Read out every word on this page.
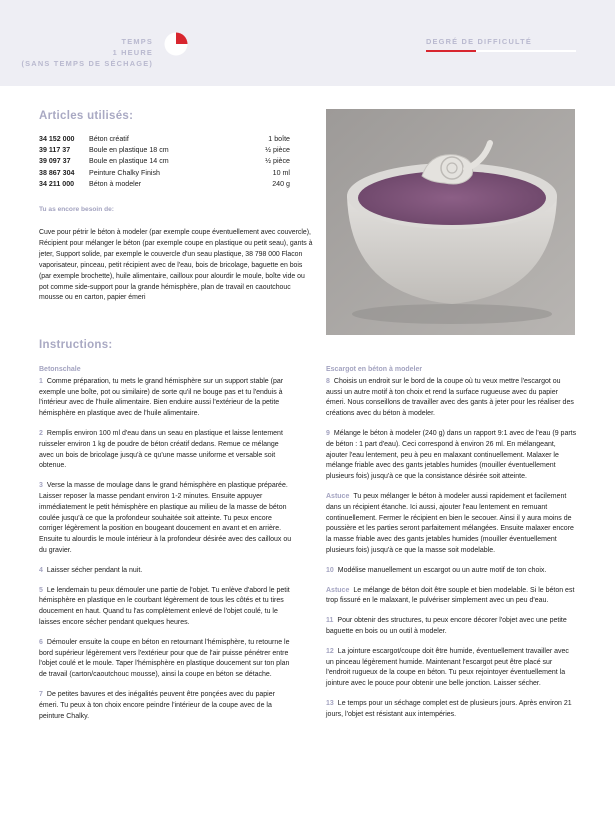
TEMPS
1 HEURE
(SANS TEMPS DE SÉCHAGE)
DEGRÉ DE DIFFICULTÉ
Articles utilisés:
34 152 000	Béton créatif	1 boîte
39 117 37	Boule en plastique 18 cm	½ pièce
39 097 37	Boule en plastique 14 cm	½ pièce
38 867 304	Peinture Chalky Finish	10 ml
34 211 000	Béton à modeler	240 g
Tu as encore besoin de:
Cuve pour pétrir le béton à modeler (par exemple coupe éventuellement avec couvercle), Récipient pour mélanger le béton (par exemple coupe en plastique ou petit seau), gants à jeter, Support solide, par exemple le couvercle d'un seau plastique, 38 798 000 Flacon vaporisateur, pinceau, petit récipient avec de l'eau, bois de bricolage, baguette en bois (par exemple brochette), huile alimentaire, cailloux pour alourdir le moule, boîte vide ou pot comme side-support pour la grande hémisphère, plan de travail en caoutchouc mousse ou en carton, papier émeri
Instructions:
Betonschale

1 Comme préparation, tu mets le grand hémisphère sur un support stable (par exemple une boîte, pot ou similaire) de sorte qu'il ne bouge pas et tu l'enduis à l'intérieur avec de l'huile alimentaire. Bien enduire aussi l'extérieur de la petite hémisphère en plastique avec de l'huile alimentaire.

2 Remplis environ 100 ml d'eau dans un seau en plastique et laisse lentement ruisseler environ 1 kg de poudre de béton créatif dedans. Remue ce mélange avec un bois de bricolage jusqu'à ce qu'une masse uniforme et versable soit obtenue.

3 Verse la masse de moulage dans le grand hémisphère en plastique préparée. Laisser reposer la masse pendant environ 1-2 minutes. Ensuite appuyer immédiatement le petit hémisphère en plastique au milieu de la masse de béton coulée jusqu'à ce que la profondeur souhaitée soit atteinte. Tu peux encore corriger légèrement la position en bougeant doucement en avant et en arrière. Ensuite tu alourdis le moule intérieur à la profondeur désirée avec des cailloux ou du gravier.

4 Laisser sécher pendant la nuit.

5 Le lendemain tu peux démouler une partie de l'objet. Tu enlève d'abord le petit hémisphère en plastique en le courbant légèrement de tous les côtés et tu tires doucement en haut. Quand tu l'as complètement enlevé de l'objet coulé, tu le laisses encore sécher pendant quelques heures.

6 Démouler ensuite la coupe en béton en retournant l'hémisphère, tu retourne le bord supérieur légèrement vers l'extérieur pour que de l'air puisse pénétrer entre l'objet coulé et le moule. Taper l'hémisphère en plastique doucement sur ton plan de travail (carton/caoutchouc mousse), ainsi la coupe en béton se détache.

7 De petites bavures et des inégalités peuvent être ponçées avec du papier émeri. Tu peux à ton choix encore peindre l'intérieur de la coupe avec de la peinture Chalky.

Escargot en béton à modeler

8 Choisis un endroit sur le bord de la coupe où tu veux mettre l'escargot ou aussi un autre motif à ton choix et rend la surface rugueuse avec du papier émeri. Nous conseillons de travailler avec des gants à jeter pour les réaliser des créations avec du béton à modeler.

9 Mélange le béton à modeler (240 g) dans un rapport 9:1 avec de l'eau (9 parts de béton : 1 part d'eau). Ceci correspond à environ 26 ml. En mélangeant, ajouter l'eau lentement, peu à peu en malaxant continuellement. Malaxer le mélange friable avec des gants jetables humides (mouiller éventuellement plusieurs fois) jusqu'à ce que la consistance désirée soit atteinte.

Astuce Tu peux mélanger le béton à modeler aussi rapidement et facilement dans un récipient étanche. Ici aussi, ajouter l'eau lentement en remuant continuellement. Fermer le récipient en bien le secouer. Ainsi il y aura moins de poussière et les parties seront parfaitement mélangées. Ensuite malaxer encore la masse friable avec des gants jetables humides (mouiller éventuellement plusieurs fois) jusqu'à ce que la masse soit modelable.

10 Modélise manuellement un escargot ou un autre motif de ton choix.

Astuce Le mélange de béton doit être souple et bien modelable. Si le béton est trop fissuré en le malaxant, le pulvériser simplement avec un peu d'eau.

11 Pour obtenir des structures, tu peux encore décorer l'objet avec une petite baguette en bois ou un outil à modeler.

12 La jointure escargot/coupe doit être humide, éventuellement travailler avec un pinceau légèrement humide. Maintenant l'escargot peut être placé sur l'endroit rugueux de la coupe en béton. Tu peux rejointoyer éventuellement la jointure avec le pouce pour obtenir une belle jonction. Laisser sécher.

13 Le temps pour un séchage complet est de plusieurs jours. Après environ 21 jours, l'objet est résistant aux intempéries.
